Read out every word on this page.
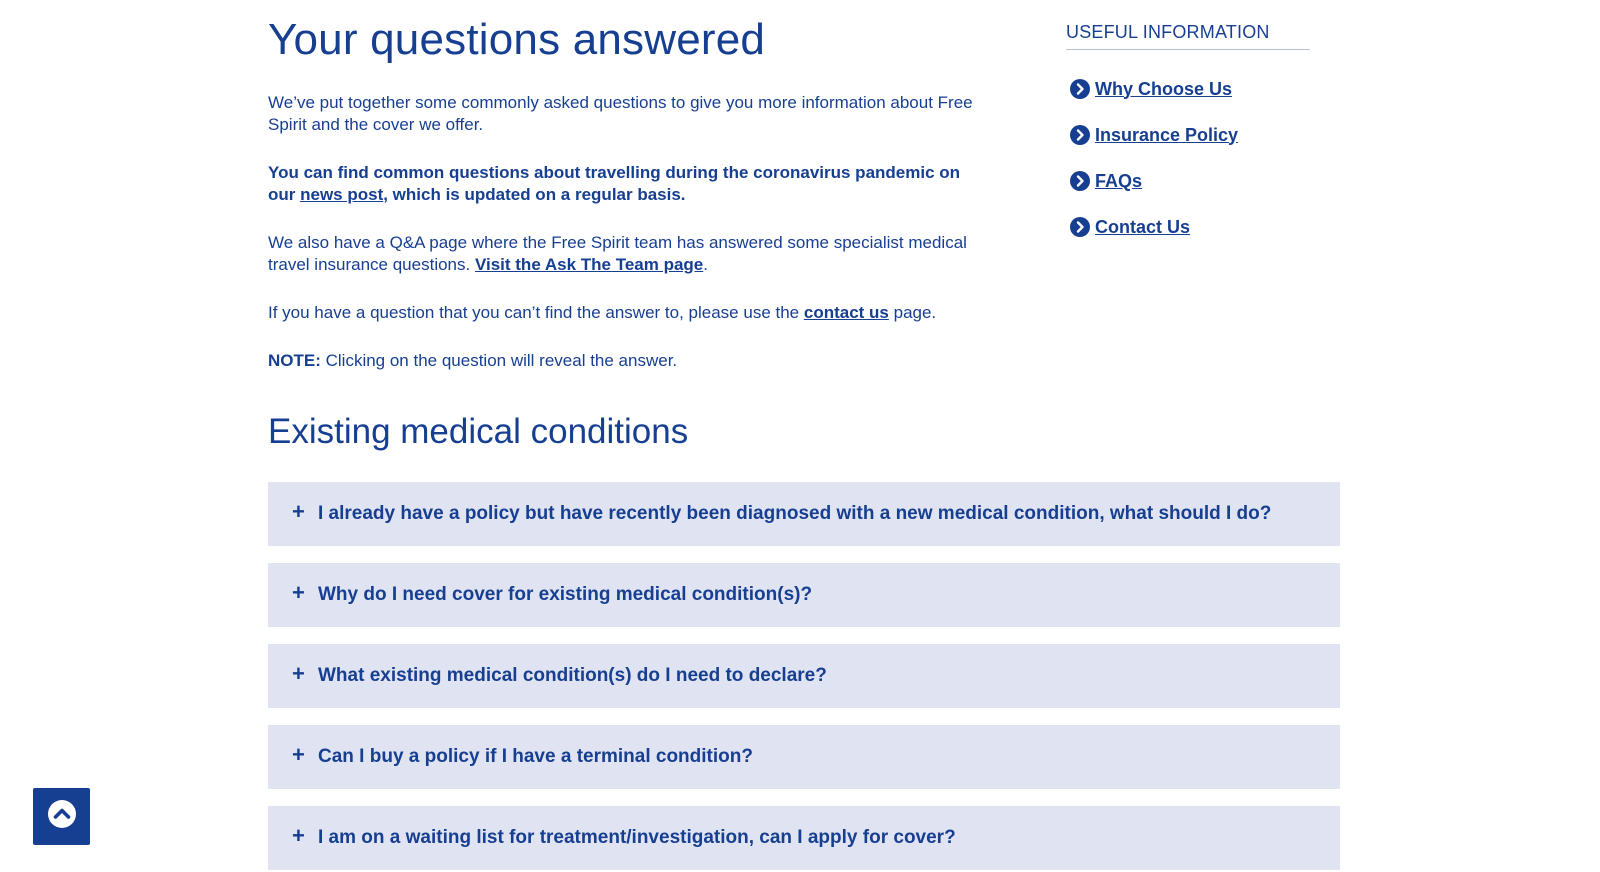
Your questions answered

We’ve put together some commonly asked questions to give you more information about Free Spirit and the cover we offer.

You can find common questions about travelling during the coronavirus pandemic on our news post, which is updated on a regular basis.

We also have a Q&A page where the Free Spirit team has answered some specialist medical travel insurance questions. Visit the Ask The Team page.

If you have a question that you can’t find the answer to, please use the contact us page.

NOTE: Clicking on the question will reveal the answer.

Existing medical conditions
+ I already have a policy but have recently been diagnosed with a new medical condition, what should I do?
+ Why do I need cover for existing medical condition(s)?
+ What existing medical condition(s) do I need to declare?
+ Can I buy a policy if I have a terminal condition?
+ I am on a waiting list for treatment/investigation, can I apply for cover?
USEFUL INFORMATION
Why Choose Us
Insurance Policy
FAQs
Contact Us
